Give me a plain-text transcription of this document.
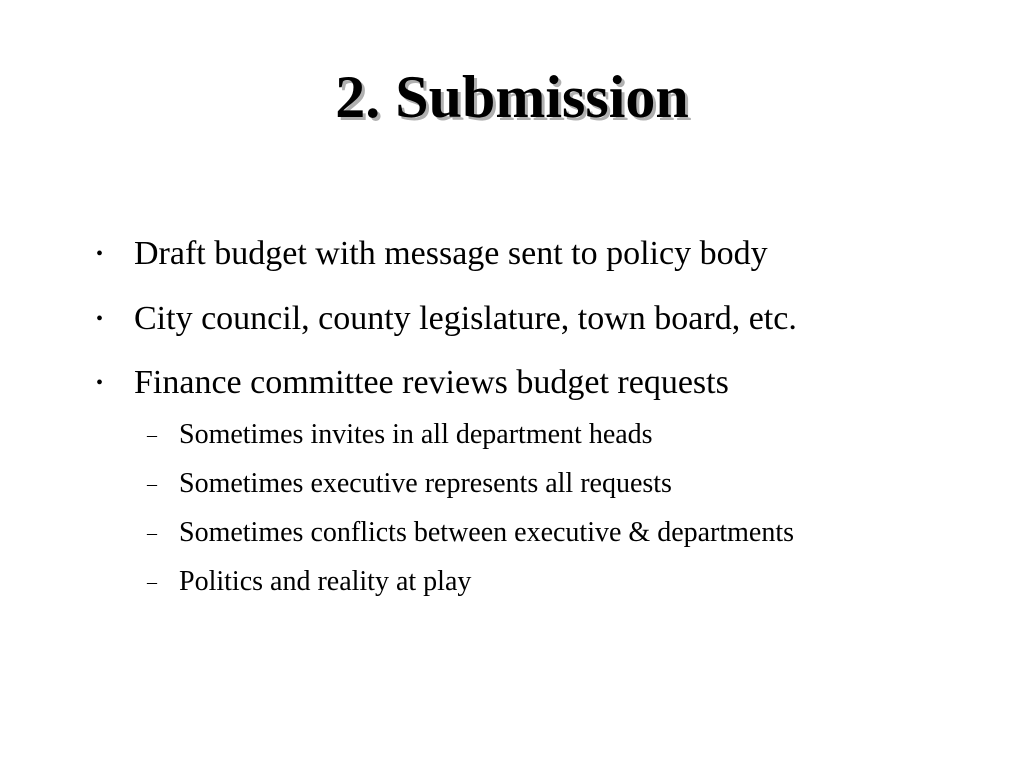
2. Submission
• Draft budget with message sent to policy body
• City council, county legislature, town board, etc.
• Finance committee reviews budget requests
– Sometimes invites in all department heads
– Sometimes executive represents all requests
– Sometimes conflicts between executive & departments
– Politics and reality at play
